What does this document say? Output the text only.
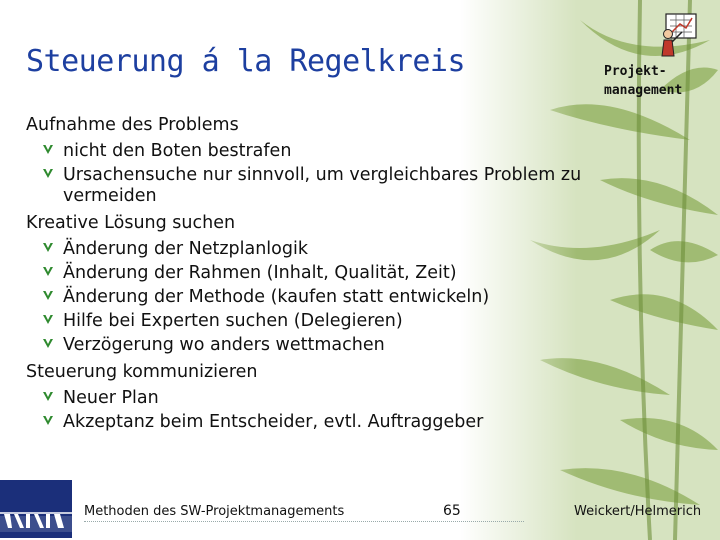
Steuerung á la Regelkreis	Projekt-
management

Aufnahme des Problems

nicht den Boten bestrafen
Ursachensuche nur sinnvoll, um vergleichbares Problem zu vermeiden

Kreative Lösung suchen

Änderung der Netzplanlogik
Änderung der Rahmen (Inhalt, Qualität, Zeit)
Änderung der Methode (kaufen statt entwickeln)
Hilfe bei Experten suchen (Delegieren)
Verzögerung wo anders wettmachen

Steuerung kommunizieren

Neuer Plan
Akzeptanz beim Entscheider, evtl. Auftraggeber
Methoden des SW-Projektmanagements	65	Weickert/Helmerich
